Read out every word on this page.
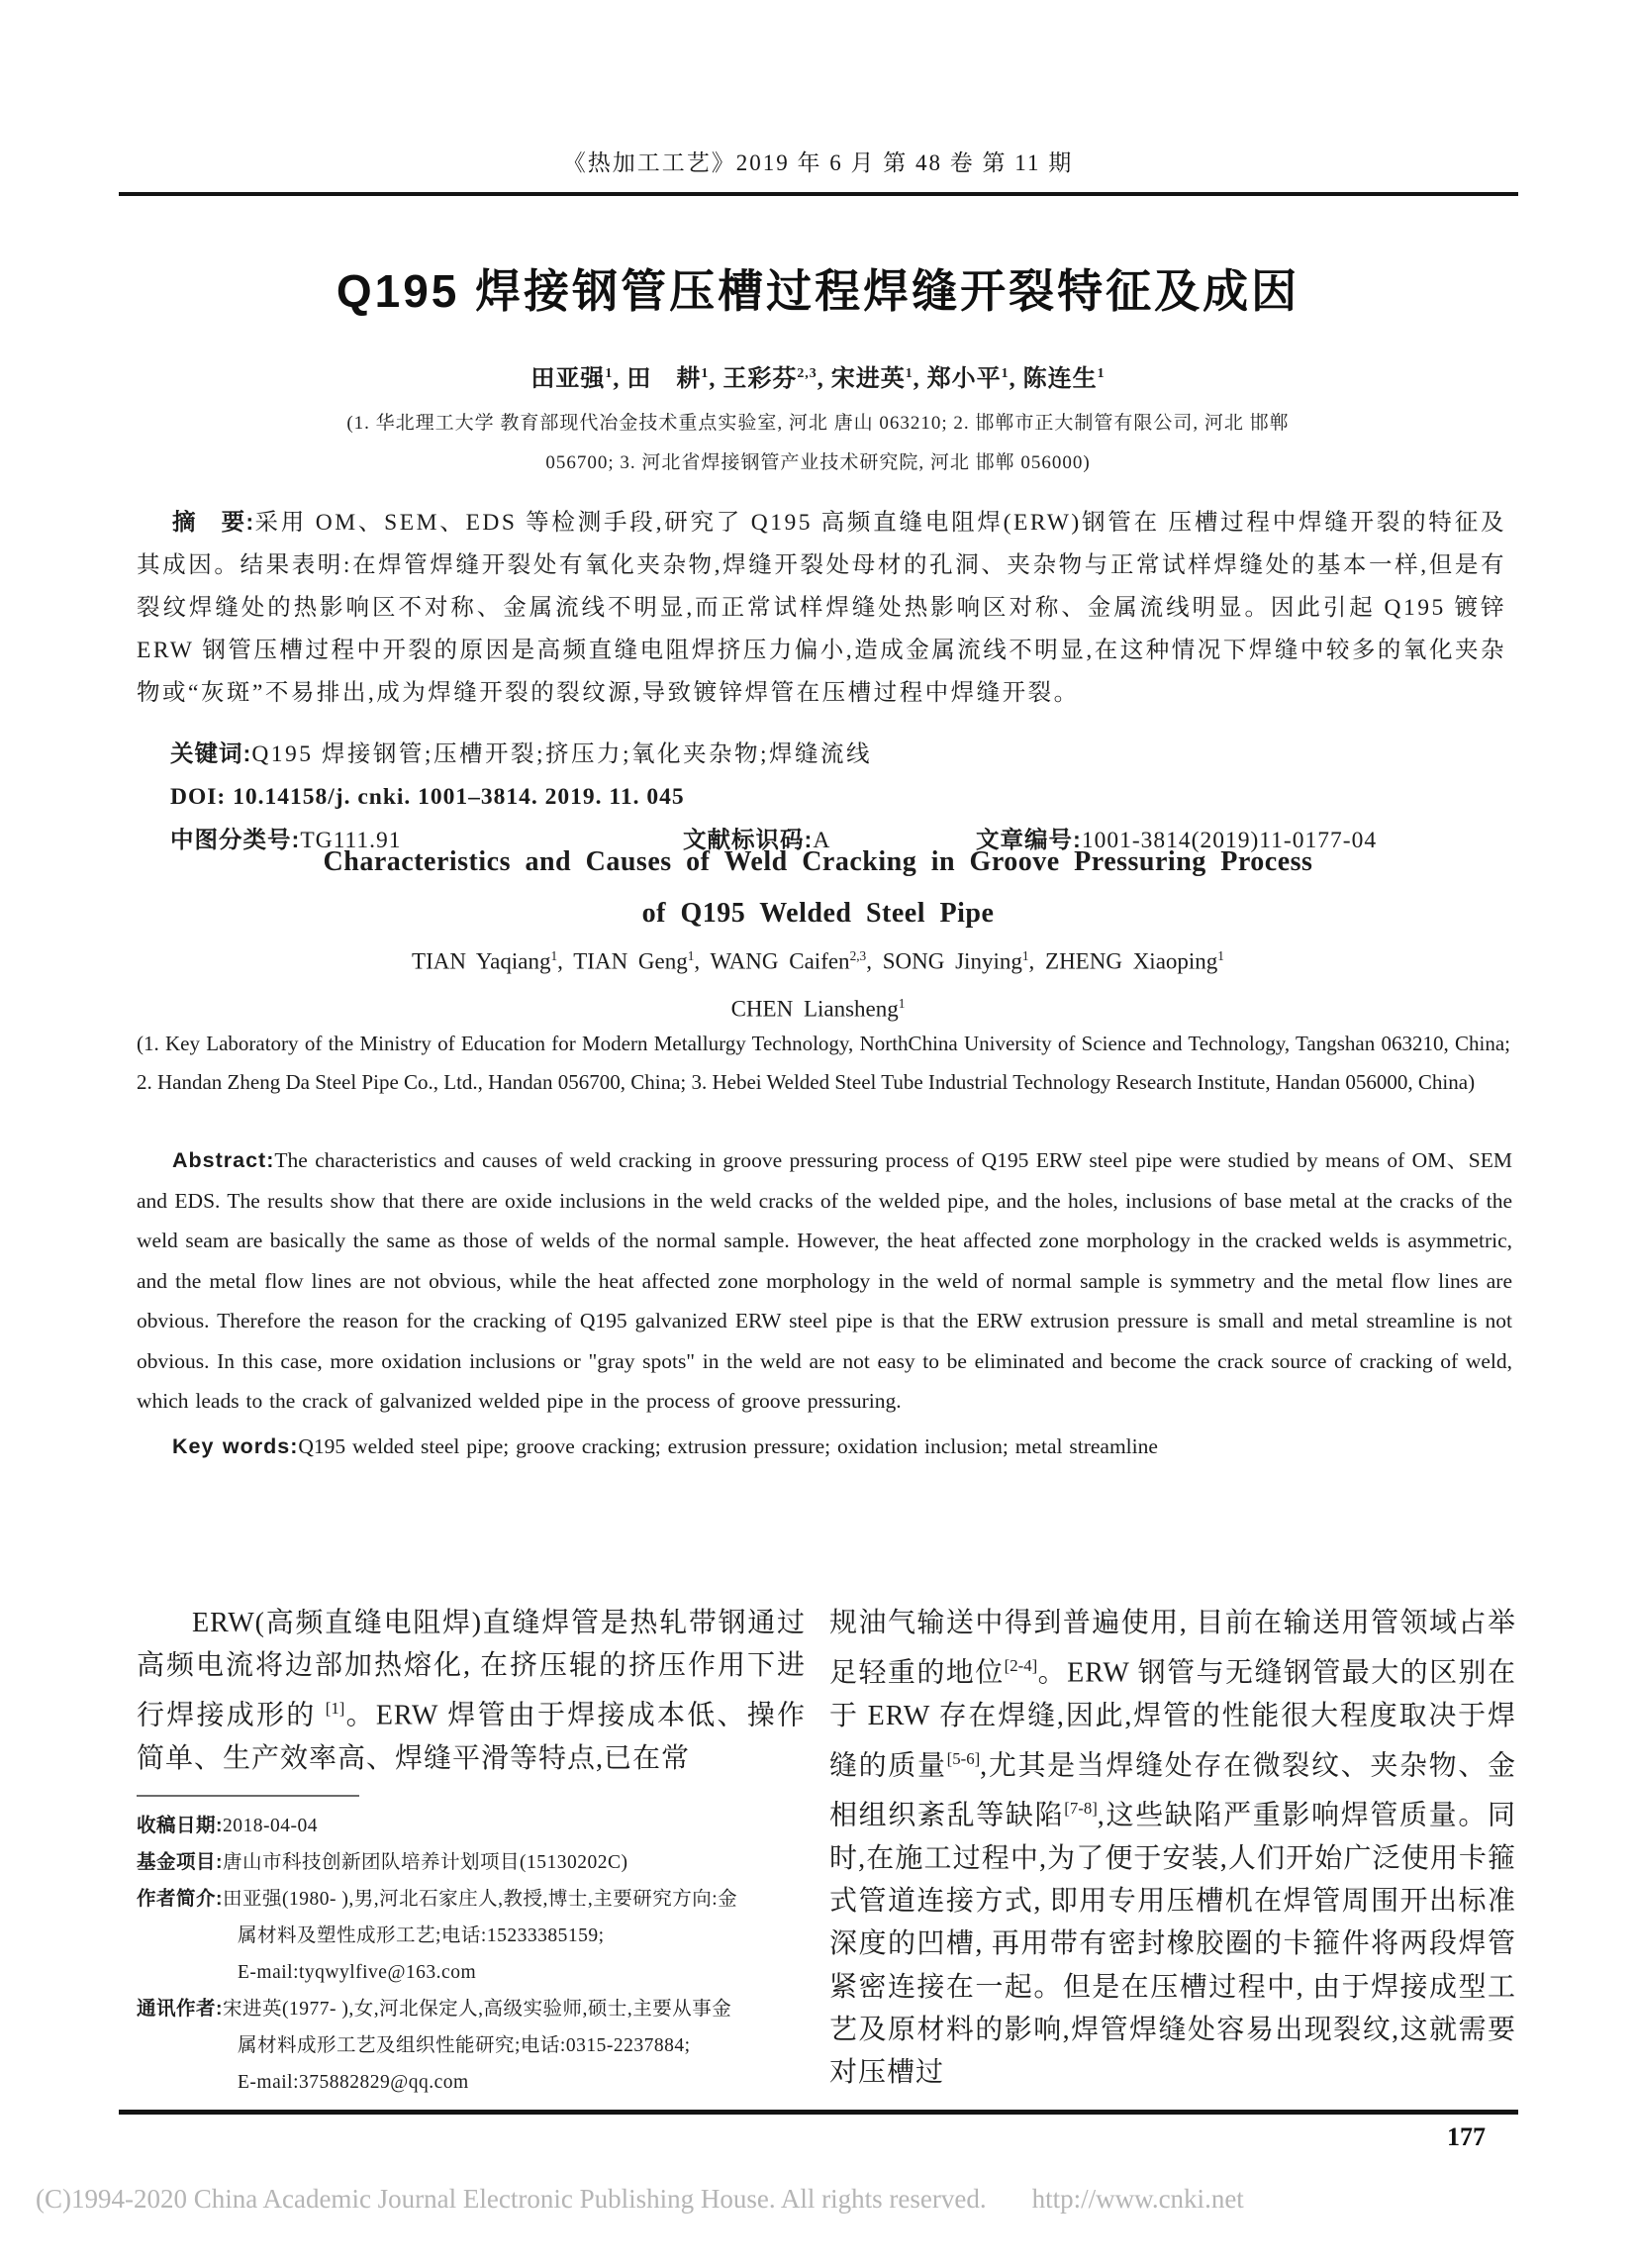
《热加工工艺》2019 年 6 月 第 48 卷 第 11 期
Q195 焊接钢管压槽过程焊缝开裂特征及成因
田亚强$^1$, 田　耕$^1$, 王彩芬$^{2,3}$, 宋进英$^1$, 郑小平$^1$, 陈连生$^1$
(1. 华北理工大学 教育部现代冶金技术重点实验室, 河北 唐山 063210; 2. 邯郸市正大制管有限公司, 河北 邯郸
056700; 3. 河北省焊接钢管产业技术研究院, 河北 邯郸 056000)

摘　要:采用 OM、SEM、EDS 等检测手段,研究了 Q195 高频直缝电阻焊(ERW)钢管在 压槽过程中焊缝开裂的特征及其成因。结果表明:在焊管焊缝开裂处有氧化夹杂物,焊缝开裂处母材的孔洞、夹杂物与正常试样焊缝处的基本一样,但是有裂纹焊缝处的热影响区不对称、金属流线不明显,而正常试样焊缝处热影响区对称、金属流线明显。因此引起 Q195 镀锌 ERW 钢管压槽过程中开裂的原因是高频直缝电阻焊挤压力偏小,造成金属流线不明显,在这种情况下焊缝中较多的氧化夹杂物或“灰斑”不易排出,成为焊缝开裂的裂纹源,导致镀锌焊管在压槽过程中焊缝开裂。

关键词:Q195 焊接钢管;压槽开裂;挤压力;氧化夹杂物;焊缝流线

DOI: 10.14158/j. cnki. 1001–3814. 2019. 11. 045

中图分类号:TG111.91	文献标识码:A	文章编号:1001-3814(2019)11-0177-04

Characteristics and Causes of Weld Cracking in Groove Pressuring Process
of Q195 Welded Steel Pipe
TIAN Yaqiang$^1$, TIAN Geng$^1$, WANG Caifen$^{2,3}$, SONG Jinying$^1$, ZHENG Xiaoping$^1$
CHEN Liansheng$^1$
(1. Key Laboratory of the Ministry of Education for Modern Metallurgy Technology, NorthChina University of Science and Technology, Tangshan 063210, China; 2. Handan Zheng Da Steel Pipe Co., Ltd., Handan 056700, China; 3. Hebei Welded Steel Tube Industrial Technology Research Institute, Handan 056000, China)

Abstract:The characteristics and causes of weld cracking in groove pressuring process of Q195 ERW steel pipe were studied by means of OM、SEM and EDS. The results show that there are oxide inclusions in the weld cracks of the welded pipe, and the holes, inclusions of base metal at the cracks of the weld seam are basically the same as those of welds of the normal sample. However, the heat affected zone morphology in the cracked welds is asymmetric, and the metal flow lines are not obvious, while the heat affected zone morphology in the weld of normal sample is symmetry and the metal flow lines are obvious. Therefore the reason for the cracking of Q195 galvanized ERW steel pipe is that the ERW extrusion pressure is small and metal streamline is not obvious. In this case, more oxidation inclusions or "gray spots" in the weld are not easy to be eliminated and become the crack source of cracking of weld, which leads to the crack of galvanized welded pipe in the process of groove pressuring.

Key words:Q195 welded steel pipe; groove cracking; extrusion pressure; oxidation inclusion; metal streamline

ERW(高频直缝电阻焊)直缝焊管是热轧带钢通过高频电流将边部加热熔化, 在挤压辊的挤压作用下进行焊接成形的 [1]。ERW 焊管由于焊接成本低、操作简单、生产效率高、焊缝平滑等特点,已在常

收稿日期:2018-04-04
基金项目:唐山市科技创新团队培养计划项目(15130202C)
作者简介:田亚强(1980- ),男,河北石家庄人,教授,博士,主要研究方向:金
属材料及塑性成形工艺;电话:15233385159;
E-mail:tyqwylfive@163.com
通讯作者:宋进英(1977- ),女,河北保定人,高级实验师,硕士,主要从事金
属材料成形工艺及组织性能研究;电话:0315-2237884;
E-mail:375882829@qq.com

规油气输送中得到普遍使用, 目前在输送用管领域占举足轻重的地位[2-4]。ERW 钢管与无缝钢管最大的区别在于 ERW 存在焊缝,因此,焊管的性能很大程度取决于焊缝的质量[5-6],尤其是当焊缝处存在微裂纹、夹杂物、金相组织紊乱等缺陷[7-8],这些缺陷严重影响焊管质量。同时,在施工过程中,为了便于安装,人们开始广泛使用卡箍式管道连接方式, 即用专用压槽机在焊管周围开出标准深度的凹槽, 再用带有密封橡胶圈的卡箍件将两段焊管紧密连接在一起。但是在压槽过程中, 由于焊接成型工艺及原材料的影响,焊管焊缝处容易出现裂纹,这就需要对压槽过

177
(C)1994-2020 China Academic Journal Electronic Publishing House. All rights reserved. http://www.cnki.net
